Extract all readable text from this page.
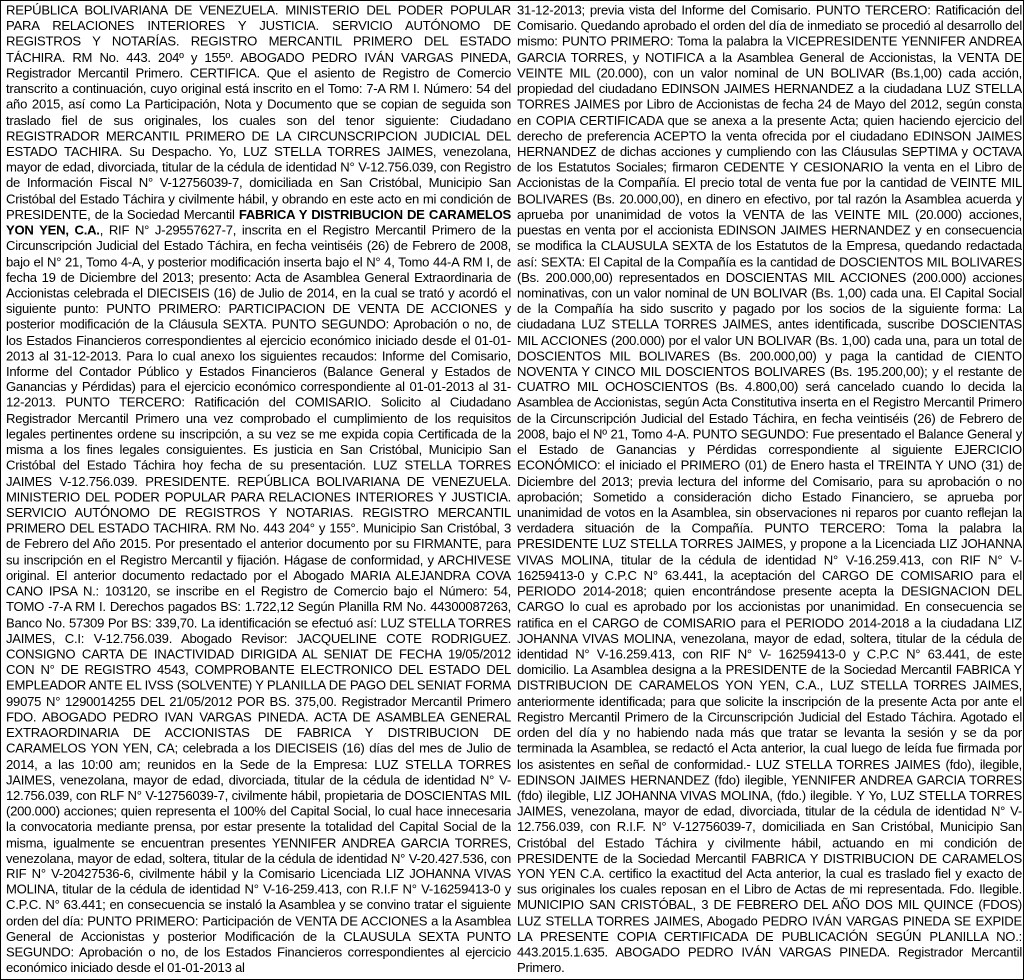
REPÚBLICA BOLIVARIANA DE VENEZUELA. MINISTERIO DEL PODER POPULAR PARA RELACIONES INTERIORES Y JUSTICIA. SERVICIO AUTÓNOMO DE REGISTROS Y NOTARÍAS. REGISTRO MERCANTIL PRIMERO DEL ESTADO TÁCHIRA. RM No. 443. 204º y 155º. ABOGADO PEDRO IVÁN VARGAS PINEDA, Registrador Mercantil Primero. CERTIFICA. Que el asiento de Registro de Comercio transcrito a continuación, cuyo original está inscrito en el Tomo: 7-A RM I. Número: 54 del año 2015, así como La Participación, Nota y Documento que se copian de seguida son traslado fiel de sus originales, los cuales son del tenor siguiente: Ciudadano REGISTRADOR MERCANTIL PRIMERO DE LA CIRCUNSCRIPCION JUDICIAL DEL ESTADO TACHIRA. Su Despacho. Yo, LUZ STELLA TORRES JAIMES, venezolana, mayor de edad, divorciada, titular de la cédula de identidad N° V-12.756.039, con Registro de Información Fiscal N° V-12756039-7, domiciliada en San Cristóbal, Municipio San Cristóbal del Estado Táchira y civilmente hábil, y obrando en este acto en mi condición de PRESIDENTE, de la Sociedad Mercantil FABRICA Y DISTRIBUCION DE CARAMELOS YON YEN, C.A., RIF N° J-29557627-7, inscrita en el Registro Mercantil Primero de la Circunscripción Judicial del Estado Táchira, en fecha veintiséis (26) de Febrero de 2008, bajo el N° 21, Tomo 4-A, y posterior modificación inserta bajo el N° 4, Tomo 44-A RM I, de fecha 19 de Diciembre del 2013; presento: Acta de Asamblea General Extraordinaria de Accionistas celebrada el DIECISEIS (16) de Julio de 2014, en la cual se trató y acordó el siguiente punto: PUNTO PRIMERO: PARTICIPACION DE VENTA DE ACCIONES y posterior modificación de la Cláusula SEXTA. PUNTO SEGUNDO: Aprobación o no, de los Estados Financieros correspondientes al ejercicio económico iniciado desde el 01-01-2013 al 31-12-2013. Para lo cual anexo los siguientes recaudos: Informe del Comisario, Informe del Contador Público y Estados Financieros (Balance General y Estados de Ganancias y Pérdidas) para el ejercicio económico correspondiente al 01-01-2013 al 31-12-2013. PUNTO TERCERO: Ratificación del COMISARIO. Solicito al Ciudadano Registrador Mercantil Primero una vez comprobado el cumplimiento de los requisitos legales pertinentes ordene su inscripción, a su vez se me expida copia Certificada de la misma a los fines legales consiguientes. Es justicia en San Cristóbal, Municipio San Cristóbal del Estado Táchira hoy fecha de su presentación. LUZ STELLA TORRES JAIMES V-12.756.039. PRESIDENTE. REPÚBLICA BOLIVARIANA DE VENEZUELA. MINISTERIO DEL PODER POPULAR PARA RELACIONES INTERIORES Y JUSTICIA. SERVICIO AUTÓNOMO DE REGISTROS Y NOTARIAS. REGISTRO MERCANTIL PRIMERO DEL ESTADO TACHIRA. RM No. 443 204° y 155°. Municipio San Cristóbal, 3 de Febrero del Año 2015. Por presentado el anterior documento por su FIRMANTE, para su inscripción en el Registro Mercantil y fijación. Hágase de conformidad, y ARCHIVESE original. El anterior documento redactado por el Abogado MARIA ALEJANDRA COVA CANO IPSA N.: 103120, se inscribe en el Registro de Comercio bajo el Número: 54, TOMO -7-A RM I. Derechos pagados BS: 1.722,12 Según Planilla RM No. 44300087263, Banco No. 57309 Por BS: 339,70. La identificación se efectuó así: LUZ STELLA TORRES JAIMES, C.I: V-12.756.039. Abogado Revisor: JACQUELINE COTE RODRIGUEZ. CONSIGNO CARTA DE INACTIVIDAD DIRIGIDA AL SENIAT DE FECHA 19/05/2012 CON N° DE REGISTRO 4543, COMPROBANTE ELECTRONICO DEL ESTADO DEL EMPLEADOR ANTE EL IVSS (SOLVENTE) Y PLANILLA DE PAGO DEL SENIAT FORMA 99075 N° 1290014255 DEL 21/05/2012 POR BS. 375,00. Registrador Mercantil Primero FDO. ABOGADO PEDRO IVAN VARGAS PINEDA. ACTA DE ASAMBLEA GENERAL EXTRAORDINARIA DE ACCIONISTAS DE FABRICA Y DISTRIBUCION DE CARAMELOS YON YEN, CA; celebrada a los DIECISEIS (16) días del mes de Julio de 2014, a las 10:00 am; reunidos en la Sede de la Empresa: LUZ STELLA TORRES JAIMES, venezolana, mayor de edad, divorciada, titular de la cédula de identidad N° V-12.756.039, con RLF N° V-12756039-7, civilmente hábil, propietaria de DOSCIENTAS MIL (200.000) acciones; quien representa el 100% del Capital Social, lo cual hace innecesaria la convocatoria mediante prensa, por estar presente la totalidad del Capital Social de la misma, igualmente se encuentran presentes YENNIFER ANDREA GARCIA TORRES, venezolana, mayor de edad, soltera, titular de la cédula de identidad N° V-20.427.536, con RIF N° V-20427536-6, civilmente hábil y la Comisario Licenciada LIZ JOHANNA VIVAS MOLINA, titular de la cédula de identidad N° V-16-259.413, con R.I.F N° V-16259413-0 y C.P.C. N° 63.441; en consecuencia se instaló la Asamblea y se convino tratar el siguiente orden del día: PUNTO PRIMERO: Participación de VENTA DE ACCIONES a la Asamblea General de Accionistas y posterior Modificación de la CLAUSULA SEXTA PUNTO SEGUNDO: Aprobación o no, de los Estados Financieros correspondientes al ejercicio económico iniciado desde el 01-01-2013 al

31-12-2013; previa vista del Informe del Comisario. PUNTO TERCERO: Ratificación del Comisario. Quedando aprobado el orden del día de inmediato se procedió al desarrollo del mismo: PUNTO PRIMERO: Toma la palabra la VICEPRESIDENTE YENNIFER ANDREA GARCIA TORRES, y NOTIFICA a la Asamblea General de Accionistas, la VENTA DE VEINTE MIL (20.000), con un valor nominal de UN BOLIVAR (Bs.1,00) cada acción, propiedad del ciudadano EDINSON JAIMES HERNANDEZ a la ciudadana LUZ STELLA TORRES JAIMES por Libro de Accionistas de fecha 24 de Mayo del 2012, según consta en COPIA CERTIFICADA que se anexa a la presente Acta; quien haciendo ejercicio del derecho de preferencia ACEPTO la venta ofrecida por el ciudadano EDINSON JAIMES HERNANDEZ de dichas acciones y cumpliendo con las Cláusulas SEPTIMA y OCTAVA de los Estatutos Sociales; firmaron CEDENTE Y CESIONARIO la venta en el Libro de Accionistas de la Compañía. El precio total de venta fue por la cantidad de VEINTE MIL BOLIVARES (Bs. 20.000,00), en dinero en efectivo, por tal razón la Asamblea acuerda y aprueba por unanimidad de votos la VENTA de las VEINTE MIL (20.000) acciones, puestas en venta por el accionista EDINSON JAIMES HERNANDEZ y en consecuencia se modifica la CLAUSULA SEXTA de los Estatutos de la Empresa, quedando redactada así: SEXTA: El Capital de la Compañía es la cantidad de DOSCIENTOS MIL BOLIVARES (Bs. 200.000,00) representados en DOSCIENTAS MIL ACCIONES (200.000) acciones nominativas, con un valor nominal de UN BOLIVAR (Bs. 1,00) cada una. El Capital Social de la Compañía ha sido suscrito y pagado por los socios de la siguiente forma: La ciudadana LUZ STELLA TORRES JAIMES, antes identificada, suscribe DOSCIENTAS MIL ACCIONES (200.000) por el valor UN BOLIVAR (Bs. 1,00) cada una, para un total de DOSCIENTOS MIL BOLIVARES (Bs. 200.000,00) y paga la cantidad de CIENTO NOVENTA Y CINCO MIL DOSCIENTOS BOLIVARES (Bs. 195.200,00); y el restante de CUATRO MIL OCHOSCIENTOS (Bs. 4.800,00) será cancelado cuando lo decida la Asamblea de Accionistas, según Acta Constitutiva inserta en el Registro Mercantil Primero de la Circunscripción Judicial del Estado Táchira, en fecha veintiséis (26) de Febrero de 2008, bajo el Nº 21, Tomo 4-A. PUNTO SEGUNDO: Fue presentado el Balance General y el Estado de Ganancias y Pérdidas correspondiente al siguiente EJERCICIO ECONÓMICO: el iniciado el PRIMERO (01) de Enero hasta el TREINTA Y UNO (31) de Diciembre del 2013; previa lectura del informe del Comisario, para su aprobación o no aprobación; Sometido a consideración dicho Estado Financiero, se aprueba por unanimidad de votos en la Asamblea, sin observaciones ni reparos por cuanto reflejan la verdadera situación de la Compañía. PUNTO TERCERO: Toma la palabra la PRESIDENTE LUZ STELLA TORRES JAIMES, y propone a la Licenciada LIZ JOHANNA VIVAS MOLINA, titular de la cédula de identidad N° V-16.259.413, con RIF N° V-16259413-0 y C.P.C N° 63.441, la aceptación del CARGO DE COMISARIO para el PERIODO 2014-2018; quien encontrándose presente acepta la DESIGNACION DEL CARGO lo cual es aprobado por los accionistas por unanimidad. En consecuencia se ratifica en el CARGO de COMISARIO para el PERIODO 2014-2018 a la ciudadana LIZ JOHANNA VIVAS MOLINA, venezolana, mayor de edad, soltera, titular de la cédula de identidad N° V-16.259.413, con RIF N° V- 16259413-0 y C.P.C N° 63.441, de este domicilio. La Asamblea designa a la PRESIDENTE de la Sociedad Mercantil FABRICA Y DISTRIBUCION DE CARAMELOS YON YEN, C.A., LUZ STELLA TORRES JAIMES, anteriormente identificada; para que solicite la inscripción de la presente Acta por ante el Registro Mercantil Primero de la Circunscripción Judicial del Estado Táchira. Agotado el orden del día y no habiendo nada más que tratar se levanta la sesión y se da por terminada la Asamblea, se redactó el Acta anterior, la cual luego de leída fue firmada por los asistentes en señal de conformidad.- LUZ STELLA TORRES JAIMES (fdo), ilegible, EDINSON JAIMES HERNANDEZ (fdo) ilegible, YENNIFER ANDREA GARCIA TORRES (fdo) ilegible, LIZ JOHANNA VIVAS MOLINA, (fdo.) ilegible. Y Yo, LUZ STELLA TORRES JAIMES, venezolana, mayor de edad, divorciada, titular de la cédula de identidad N° V-12.756.039, con R.I.F. N° V-12756039-7, domiciliada en San Cristóbal, Municipio San Cristóbal del Estado Táchira y civilmente hábil, actuando en mi condición de PRESIDENTE de la Sociedad Mercantil FABRICA Y DISTRIBUCION DE CARAMELOS YON YEN C.A. certifico la exactitud del Acta anterior, la cual es traslado fiel y exacto de sus originales los cuales reposan en el Libro de Actas de mi representada. Fdo. Ilegible. MUNICIPIO SAN CRISTÓBAL, 3 DE FEBRERO DEL AÑO DOS MIL QUINCE (FDOS) LUZ STELLA TORRES JAIMES, Abogado PEDRO IVÁN VARGAS PINEDA SE EXPIDE LA PRESENTE COPIA CERTIFICADA DE PUBLICACIÓN SEGÚN PLANILLA NO.: 443.2015.1.635. ABOGADO PEDRO IVÁN VARGAS PINEDA. Registrador Mercantil Primero.
